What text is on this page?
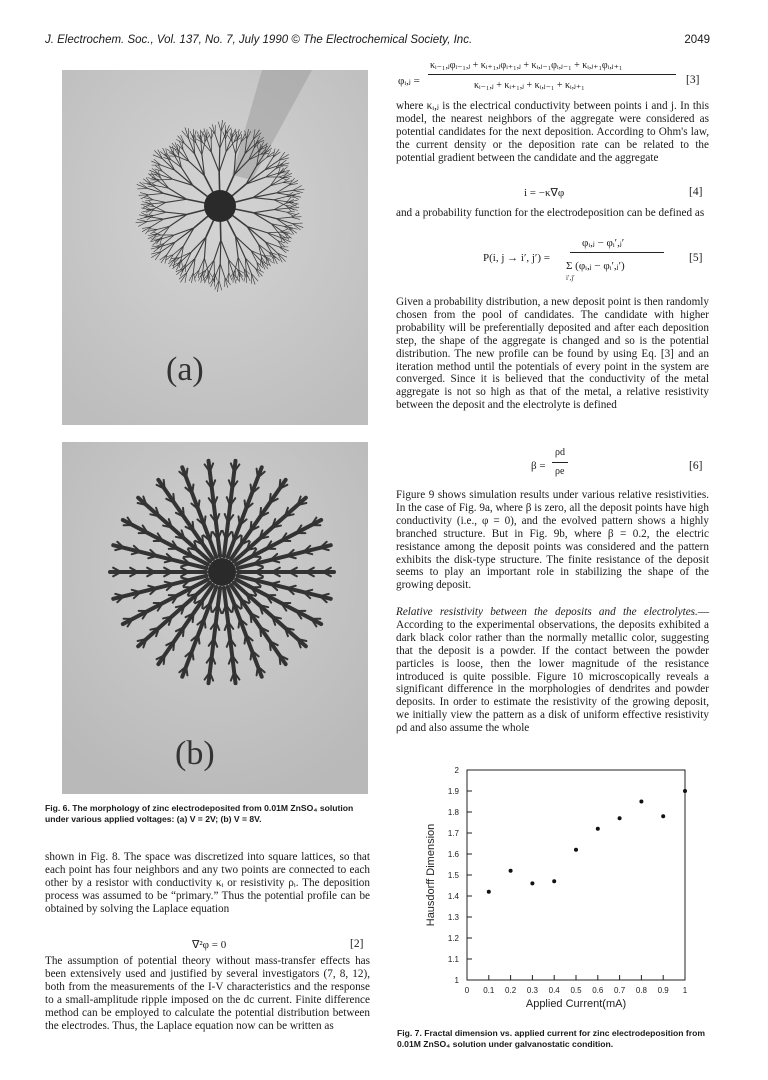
J. Electrochem. Soc., Vol. 137, No. 7, July 1990 © The Electrochemical Society, Inc.	2049
(a)
(b)
Fig. 6. The morphology of zinc electrodeposited from 0.01M ZnSO₄ solution under various applied voltages: (a) V = 2V; (b) V = 8V.

shown in Fig. 8. The space was discretized into square lattices, so that each point has four neighbors and any two points are connected to each other by a resistor with conductivity κᵢ or resistivity ρᵢ. The deposition process was assumed to be “primary.” Thus the potential profile can be obtained by solving the Laplace equation

∇²φ = 0	[2]

The assumption of potential theory without mass-transfer effects has been extensively used and justified by several investigators (7, 8, 12), both from the measurements of the I-V characteristics and the response to a small-amplitude ripple imposed on the dc current. Finite difference method can be employed to calculate the potential distribution between the electrodes. Thus, the Laplace equation now can be written as

φᵢ,ⱼ =
κᵢ₋₁,ⱼφᵢ₋₁,ⱼ + κᵢ₊₁,ⱼφᵢ₊₁,ⱼ + κᵢ,ⱼ₋₁φᵢ,ⱼ₋₁ + κᵢ,ⱼ₊₁φᵢ,ⱼ₊₁
κᵢ₋₁,ⱼ + κᵢ₊₁,ⱼ + κᵢ,ⱼ₋₁ + κᵢ,ⱼ₊₁	[3]

where κᵢ,ⱼ is the electrical conductivity between points i and j. In this model, the nearest neighbors of the aggregate were considered as potential candidates for the next deposition. According to Ohm's law, the current density or the deposition rate can be related to the potential gradient between the candidate and the aggregate

i = −κ∇φ	[4]

and a probability function for the electrodeposition can be defined as

P(i, j → i′, j′) =
φᵢ,ⱼ − φᵢ′,ⱼ′
Σ (φᵢ,ⱼ − φᵢ′,ⱼ′)
i′,j′
[5]

Given a probability distribution, a new deposit point is then randomly chosen from the pool of candidates. The candidate with higher probability will be preferentially deposited and after each deposition step, the shape of the aggregate is changed and so is the potential distribution. The new profile can be found by using Eq. [3] and an iteration method until the potentials of every point in the system are converged. Since it is believed that the conductivity of the metal aggregate is not so high as that of the metal, a relative resistivity between the deposit and the electrolyte is defined

β =
ρd
ρe	[6]

Figure 9 shows simulation results under various relative resistivities. In the case of Fig. 9a, where β is zero, all the deposit points have high conductivity (i.e., φ = 0), and the evolved pattern shows a highly branched structure. But in Fig. 9b, where β = 0.2, the electric resistance among the deposit points was considered and the pattern exhibits the disk-type structure. The finite resistance of the deposit seems to play an important role in stabilizing the shape of the growing deposit.

Relative resistivity between the deposits and the electrolytes.—According to the experimental observations, the deposits exhibited a dark black color rather than the normally metallic color, suggesting that the deposit is a powder. If the contact between the powder particles is loose, then the lower magnitude of the resistance introduced is quite possible. Figure 10 microscopically reveals a significant difference in the morphologies of dendrites and powder deposits. In order to estimate the resistivity of the growing deposit, we initially view the pattern as a disk of uniform effective resistivity ρd and also assume the whole

1
1.1
1.2
1.3
1.4
1.5
1.6
1.7
1.8
1.9
2
0 0.1 0.2 0.3 0.4 0.5 0.6 0.7 0.8 0.9 1
Applied Current(mA)
Hausdorff Dimension
Fig. 7. Fractal dimension vs. applied current for zinc electrodeposition from 0.01M ZnSO₄ solution under galvanostatic condition.
